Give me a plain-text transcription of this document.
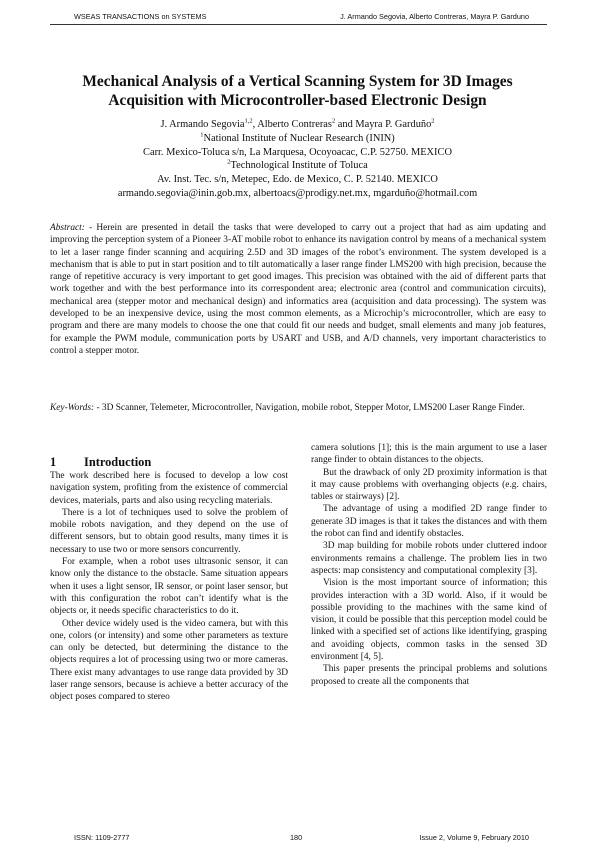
WSEAS TRANSACTIONS on SYSTEMS	J. Armando Segovia, Alberto Contreras, Mayra P. Garduno
Mechanical Analysis of a Vertical Scanning System for 3D Images
Acquisition with Microcontroller-based Electronic Design
J. Armando Segovia$^{1,2}$, Alberto Contreras$^2$ and Mayra P. Garduño$^2$
$^1$National Institute of Nuclear Research (ININ)
Carr. Mexico-Toluca s/n, La Marquesa, Ocoyoacac, C.P. 52750. MEXICO
$^2$Technological Institute of Toluca
Av. Inst. Tec. s/n, Metepec, Edo. de Mexico, C. P. 52140. MEXICO
armando.segovia@inin.gob.mx, albertoacs@prodigy.net.mx, mgarduño@hotmail.com
Abstract: - Herein are presented in detail the tasks that were developed to carry out a project that had as aim updating and improving the perception system of a Pioneer 3-AT mobile robot to enhance its navigation control by means of a mechanical system to let a laser range finder scanning and acquiring 2.5D and 3D images of the robot’s environment. The system developed is a mechanism that is able to put in start position and to tilt automatically a laser range finder LMS200 with high precision, because the range of repetitive accuracy is very important to get good images. This precision was obtained with the aid of different parts that work together and with the best performance into its correspondent area; electronic area (control and communication circuits), mechanical area (stepper motor and mechanical design) and informatics area (acquisition and data processing). The system was developed to be an inexpensive device, using the most common elements, as a Microchip’s microcontroller, which are easy to program and there are many models to choose the one that could fit our needs and budget, small elements and many job features, for example the PWM module, communication ports by USART and USB, and A/D channels, very important characteristics to control a stepper motor.
Key-Words: - 3D Scanner, Telemeter, Microcontroller, Navigation, mobile robot, Stepper Motor, LMS200 Laser Range Finder.
1 Introduction

The work described here is focused to develop a low cost navigation system, profiting from the existence of commercial devices, materials, parts and also using recycling materials.

There is a lot of techniques used to solve the problem of mobile robots navigation, and they depend on the use of different sensors, but to obtain good results, many times it is necessary to use two or more sensors concurrently.

For example, when a robot uses ultrasonic sensor, it can know only the distance to the obstacle. Same situation appears when it uses a light sensor, IR sensor, or point laser sensor, but with this configuration the robot can’t identify what is the objects or, it needs specific characteristics to do it.

Other device widely used is the video camera, but with this one, colors (or intensity) and some other parameters as texture can only be detected, but determining the distance to the objects requires a lot of processing using two or more cameras. There exist many advantages to use range data provided by 3D laser range sensors, because is achieve a better accuracy of the object poses compared to stereo

camera solutions [1]; this is the main argument to use a laser range finder to obtain distances to the objects.

But the drawback of only 2D proximity information is that it may cause problems with overhanging objects (e.g. chairs, tables or stairways) [2].

The advantage of using a modified 2D range finder to generate 3D images is that it takes the distances and with them the robot can find and identify obstacles.

3D map building for mobile robots under cluttered indoor environments remains a challenge. The problem lies in two aspects: map consistency and computational complexity [3].

Vision is the most important source of information; this provides interaction with a 3D world. Also, if it would be possible providing to the machines with the same kind of vision, it could be possible that this perception model could be linked with a specified set of actions like identifying, grasping and avoiding objects, common tasks in the sensed 3D environment [4, 5].

This paper presents the principal problems and solutions proposed to create all the components that

ISSN: 1109-2777	180	Issue 2, Volume 9, February 2010
